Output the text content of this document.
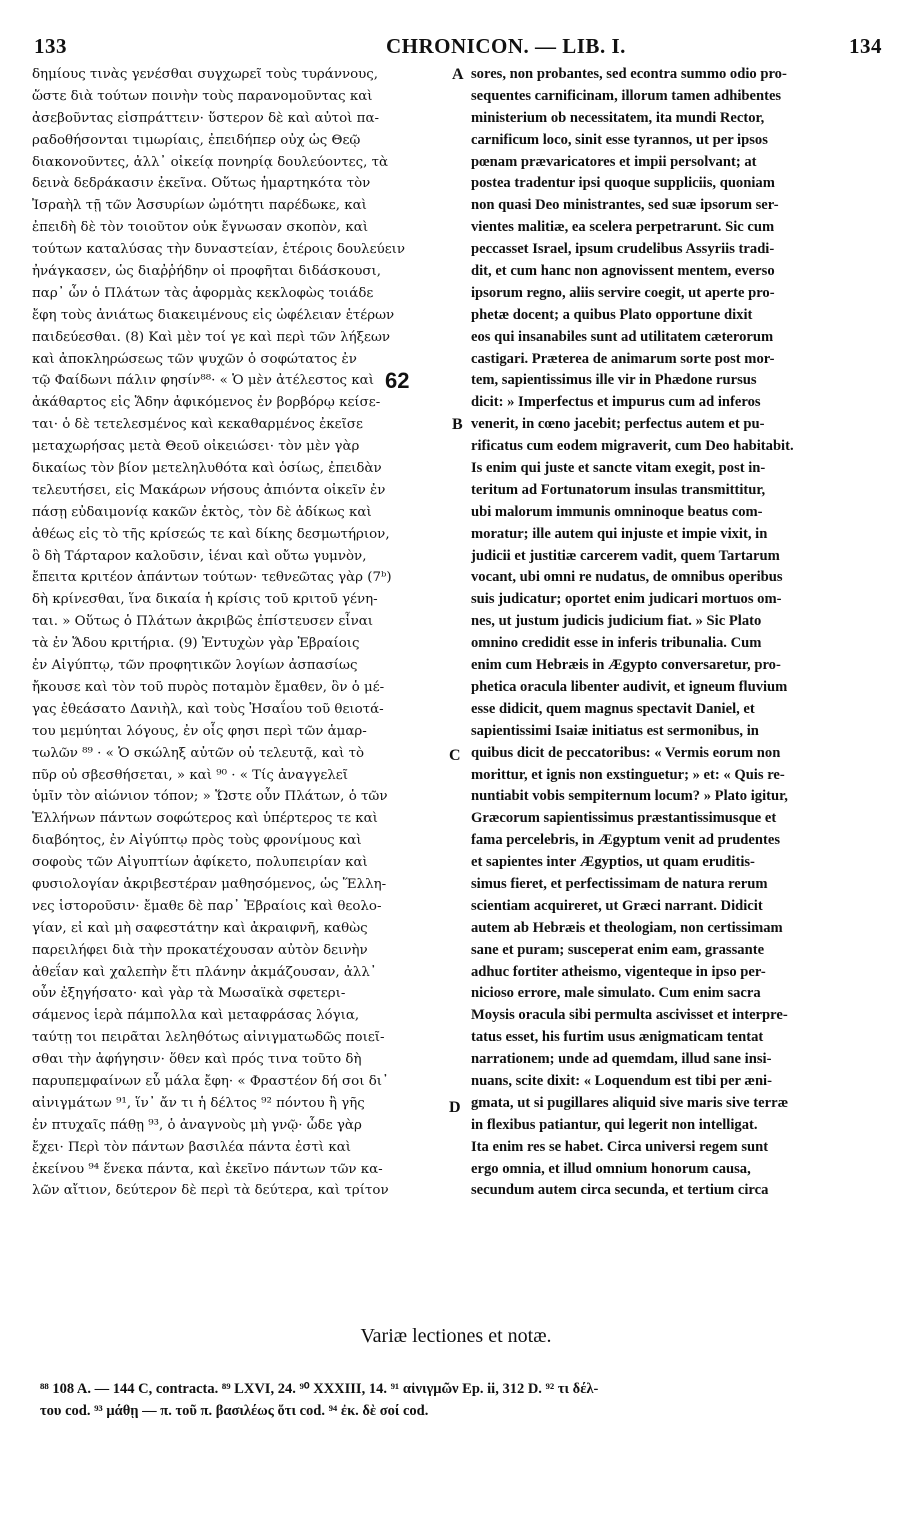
133	CHRONICON. — LIB. I.	134
δημίους τινὰς γενέσθαι συγχωρεῖ τοὺς τυράννους,
ὥστε διὰ τούτων ποινὴν τοὺς παρανομοῦντας καὶ
ἀσεβοῦντας εἰσπράττειν· ὕστερον δὲ καὶ αὐτοὶ πα-
ραδοθήσονται τιμωρίαις, ἐπειδήπερ οὐχ ὡς Θεῷ
διακονοῦντες, ἀλλ᾽ οἰκείᾳ πονηρίᾳ δουλεύοντες, τὰ
δεινὰ δεδράκασιν ἐκεῖνα. Οὕτως ἡμαρτηκότα τὸν
Ἰσραὴλ τῇ τῶν Ἀσσυρίων ὠμότητι παρέδωκε, καὶ
ἐπειδὴ δὲ τὸν τοιοῦτον οὐκ ἔγνωσαν σκοπὸν, καὶ
τούτων καταλύσας τὴν δυναστείαν, ἑτέροις δουλεύειν
ἠνάγκασεν, ὡς διαῤῥήδην οἱ προφῆται διδάσκουσι,
παρ᾽ ὧν ὁ Πλάτων τὰς ἀφορμὰς κεκλοφὼς τοιάδε
ἔφη τοὺς ἀνιάτως διακειμένους εἰς ὠφέλειαν ἑτέρων
παιδεύεσθαι. (8) Καὶ μὲν τοί γε καὶ περὶ τῶν λήξεων
καὶ ἀποκληρώσεως τῶν ψυχῶν ὁ σοφώτατος ἐν
τῷ Φαίδωνι πάλιν φησίν⁸⁸· « Ὁ μὲν ἀτέλεστος καὶ
ἀκάθαρτος εἰς Ἅδην ἀφικόμενος ἐν βορβόρῳ κείσε-
ται· ὁ δὲ τετελεσμένος καὶ κεκαθαρμένος ἐκεῖσε
μεταχωρήσας μετὰ Θεοῦ οἰκειώσει· τὸν μὲν γὰρ
δικαίως τὸν βίον μετεληλυθότα καὶ ὁσίως, ἐπειδὰν
τελευτήσει, εἰς Μακάρων νήσους ἀπιόντα οἰκεῖν ἐν
πάσῃ εὐδαιμονίᾳ κακῶν ἐκτὸς, τὸν δὲ ἀδίκως καὶ
ἀθέως εἰς τὸ τῆς κρίσεώς τε καὶ δίκης δεσμωτήριον,
ὃ δὴ Τάρταρον καλοῦσιν, ἰέναι καὶ οὔτω γυμνὸν,
ἔπειτα κριτέον ἁπάντων τούτων· τεθνεῶτας γὰρ (7ᵇ)
δὴ κρίνεσθαι, ἵνα δικαία ἡ κρίσις τοῦ κριτοῦ γένη-
ται. » Οὕτως ὁ Πλάτων ἀκριβῶς ἐπίστευσεν εἶναι
τὰ ἐν Ἅδου κριτήρια. (9) Ἐντυχὼν γὰρ Ἑβραίοις
ἐν Αἰγύπτῳ, τῶν προφητικῶν λογίων ἀσπασίως
ἤκουσε καὶ τὸν τοῦ πυρὸς ποταμὸν ἔμαθεν, ὃν ὁ μέ-
γας ἐθεάσατο Δανιὴλ, καὶ τοὺς Ἡσαΐου τοῦ θειοτά-
του μεμύηται λόγους, ἐν οἷς φησι περὶ τῶν ἁμαρ-
τωλῶν ⁸⁹ · « Ὁ σκώληξ αὐτῶν οὐ τελευτᾷ, καὶ τὸ
πῦρ οὐ σβεσθήσεται, » καὶ ⁹⁰ · « Τίς ἀναγγελεῖ
ὑμῖν τὸν αἰώνιον τόπον; » Ὥστε οὖν Πλάτων, ὁ τῶν
Ἑλλήνων πάντων σοφώτερος καὶ ὑπέρτερος τε καὶ
διαβόητος, ἐν Αἰγύπτῳ πρὸς τοὺς φρονίμους καὶ
σοφοὺς τῶν Αἰγυπτίων ἀφίκετο, πολυπειρίαν καὶ
φυσιολογίαν ἀκριβεστέραν μαθησόμενος, ὡς Ἕλλη-
νες ἱστοροῦσιν· ἔμαθε δὲ παρ᾽ Ἑβραίοις καὶ θεολο-
γίαν, εἰ καὶ μὴ σαφεστάτην καὶ ἀκραιφνῆ, καθὼς
παρειλήφει διὰ τὴν προκατέχουσαν αὐτὸν δεινὴν
ἀθεΐαν καὶ χαλεπὴν ἔτι πλάνην ἀκμάζουσαν, ἀλλ᾽
οὖν ἐξηγήσατο· καὶ γὰρ τὰ Μωσαϊκὰ σφετερι-
σάμενος ἱερὰ πάμπολλα καὶ μεταφράσας λόγια,
ταύτῃ τοι πειρᾶται λεληθότως αἰνιγματωδῶς ποιεῖ-
σθαι τὴν ἀφήγησιν· ὅθεν καὶ πρός τινα τοῦτο δὴ
παρυπεμφαίνων εὖ μάλα ἔφη· « Φραστέον δή σοι δι᾽
αἰνιγμάτων ⁹¹, ἵν᾽ ἄν τι ἡ δέλτος ⁹² πόντου ἢ γῆς
ἐν πτυχαῖς πάθῃ ⁹³, ὁ ἀναγνοὺς μὴ γνῷ· ὧδε γὰρ
ἔχει· Περὶ τὸν πάντων βασιλέα πάντα ἐστὶ καὶ
ἐκείνου ⁹⁴ ἕνεκα πάντα, καὶ ἐκεῖνο πάντων τῶν κα-
λῶν αἴτιον, δεύτερον δὲ περὶ τὰ δεύτερα, καὶ τρίτον
sores, non probantes, sed econtra summo odio pro-
sequentes carnificinam, illorum tamen adhibentes
ministerium ob necessitatem, ita mundi Rector,
carnificum loco, sinit esse tyrannos, ut per ipsos
pœnam prævaricatores et impii persolvant; at
postea tradentur ipsi quoque suppliciis, quoniam
non quasi Deo ministrantes, sed suæ ipsorum ser-
vientes malitiæ, ea scelera perpetrarunt. Sic cum
peccasset Israel, ipsum crudelibus Assyriis tradi-
dit, et cum hanc non agnovissent mentem, everso
ipsorum regno, aliis servire coegit, ut aperte pro-
phetæ docent; a quibus Plato opportune dixit
eos qui insanabiles sunt ad utilitatem cæterorum
castigari. Præterea de animarum sorte post mor-
tem, sapientissimus ille vir in Phædone rursus
dicit: » Imperfectus et impurus cum ad inferos
venerit, in cœno jacebit; perfectus autem et pu-
rificatus cum eodem migraverit, cum Deo habitabit.
Is enim qui juste et sancte vitam exegit, post in-
teritum ad Fortunatorum insulas transmittitur,
ubi malorum immunis omninoque beatus com-
moratur; ille autem qui injuste et impie vixit, in
judicii et justitiæ carcerem vadit, quem Tartarum
vocant, ubi omni re nudatus, de omnibus operibus
suis judicatur; oportet enim judicari mortuos om-
nes, ut justum judicis judicium fiat. » Sic Plato
omnino credidit esse in inferis tribunalia. Cum
enim cum Hebræis in Ægypto conversaretur, pro-
phetica oracula libenter audivit, et igneum fluvium
esse didicit, quem magnus spectavit Daniel, et
sapientissimi Isaiæ initiatus est sermonibus, in
quibus dicit de peccatoribus: « Vermis eorum non
morittur, et ignis non exstinguetur; » et: « Quis re-
nuntiabit vobis sempiternum locum? » Plato igitur,
Græcorum sapientissimus præstantissimusque et
fama percelebris, in Ægyptum venit ad prudentes
et sapientes inter Ægyptios, ut quam eruditis-
simus fieret, et perfectissimam de natura rerum
scientiam acquireret, ut Græci narrant. Didicit
autem ab Hebræis et theologiam, non certissimam
sane et puram; susceperat enim eam, grassante
adhuc fortiter atheismo, vigenteque in ipso per-
nicioso errore, male simulato. Cum enim sacra
Moysis oracula sibi permulta ascivisset et interpre-
tatus esset, his furtim usus ænigmaticam tentat
narrationem; unde ad quemdam, illud sane insi-
nuans, scite dixit: « Loquendum est tibi per æni-
gmata, ut si pugillares aliquid sive maris sive terræ
in flexibus patiantur, qui legerit non intelligat.
Ita enim res se habet. Circa universi regem sunt
ergo omnia, et illud omnium honorum causa,
secundum autem circa secunda, et tertium circa
A
B
C
D
62
Variæ lectiones et notæ.
⁸⁸ 108 A. — 144 C, contracta. ⁸⁹ LXVI, 24. ⁹⁰ XXXIII, 14. ⁹¹ αἰνιγμῶν Ep. ii, 312 D. ⁹² τι δέλ-
του cod. ⁹³ μάθῃ — π. τοῦ π. βασιλέως ὅτι cod. ⁹⁴ ἐκ. δὲ σοί cod.
